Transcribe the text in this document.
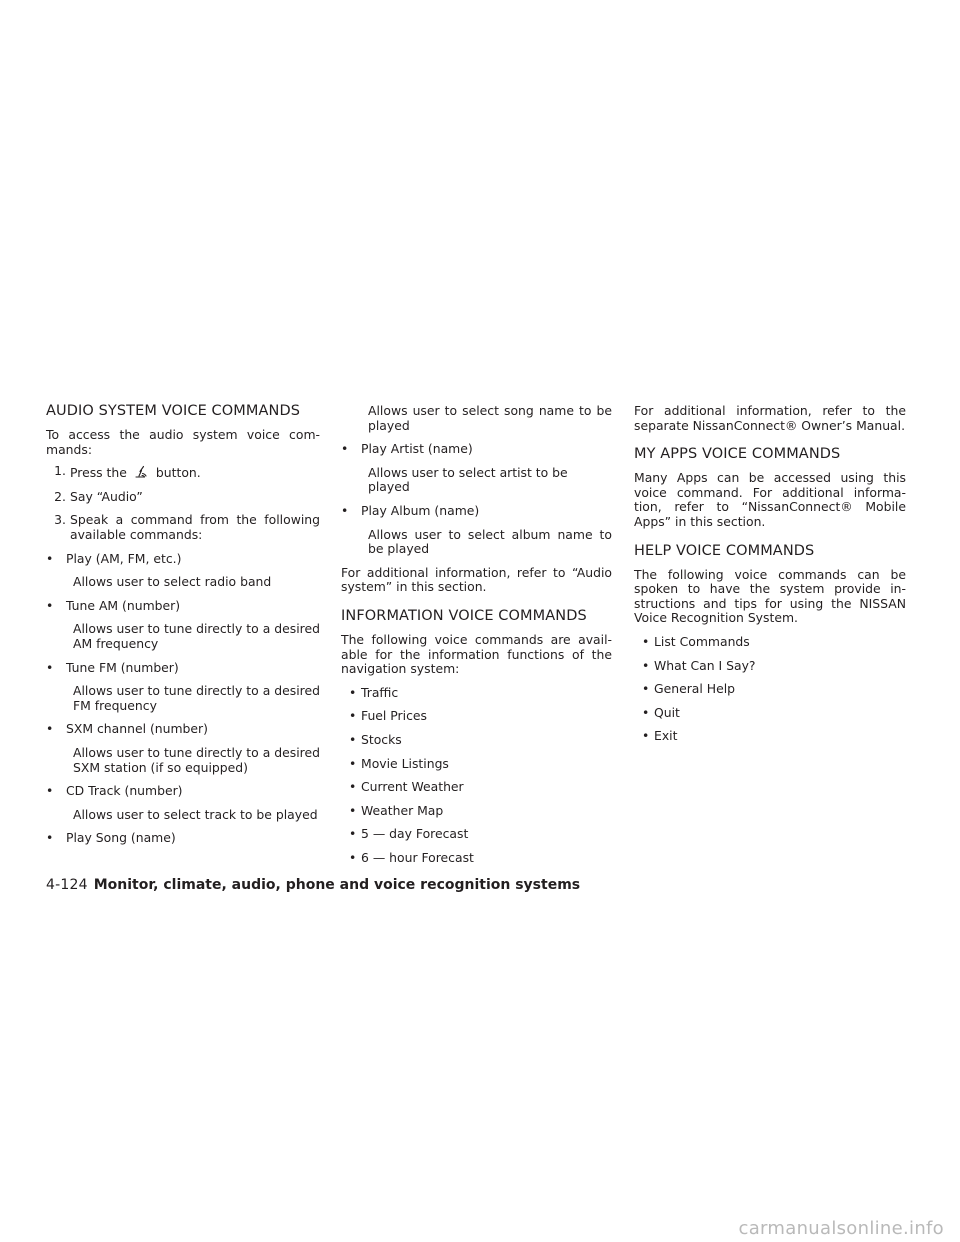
AUDIO SYSTEM VOICE COMMANDS

To access the audio system voice com-mands:

1. Press the button.
2. Say “Audio”
3. Speak a command from the following available commands:
• Play (AM, FM, etc.)
Allows user to select radio band
• Tune AM (number)
Allows user to tune directly to a desired AM frequency
• Tune FM (number)
Allows user to tune directly to a desired FM frequency
• SXM channel (number)
Allows user to tune directly to a desired SXM station (if so equipped)
• CD Track (number)
Allows user to select track to be played
• Play Song (name)
Allows user to select song name to be played
• Play Artist (name)
Allows user to select artist to be played
• Play Album (name)
Allows user to select album name to be played

For additional information, refer to “Audio system” in this section.

INFORMATION VOICE COMMANDS

The following voice commands are avail-able for the information functions of the navigation system:

• Traffic
• Fuel Prices
• Stocks
• Movie Listings
• Current Weather
• Weather Map
• 5 — day Forecast
• 6 — hour Forecast

For additional information, refer to the separate NissanConnect® Owner’s Manual.

MY APPS VOICE COMMANDS

Many Apps can be accessed using this voice command. For additional informa-tion, refer to “NissanConnect® Mobile Apps” in this section.

HELP VOICE COMMANDS

The following voice commands can be spoken to have the system provide in-structions and tips for using the NISSAN Voice Recognition System.

• List Commands
• What Can I Say?
• General Help
• Quit
• Exit
4-124 Monitor, climate, audio, phone and voice recognition systems
carmanualsonline.info
